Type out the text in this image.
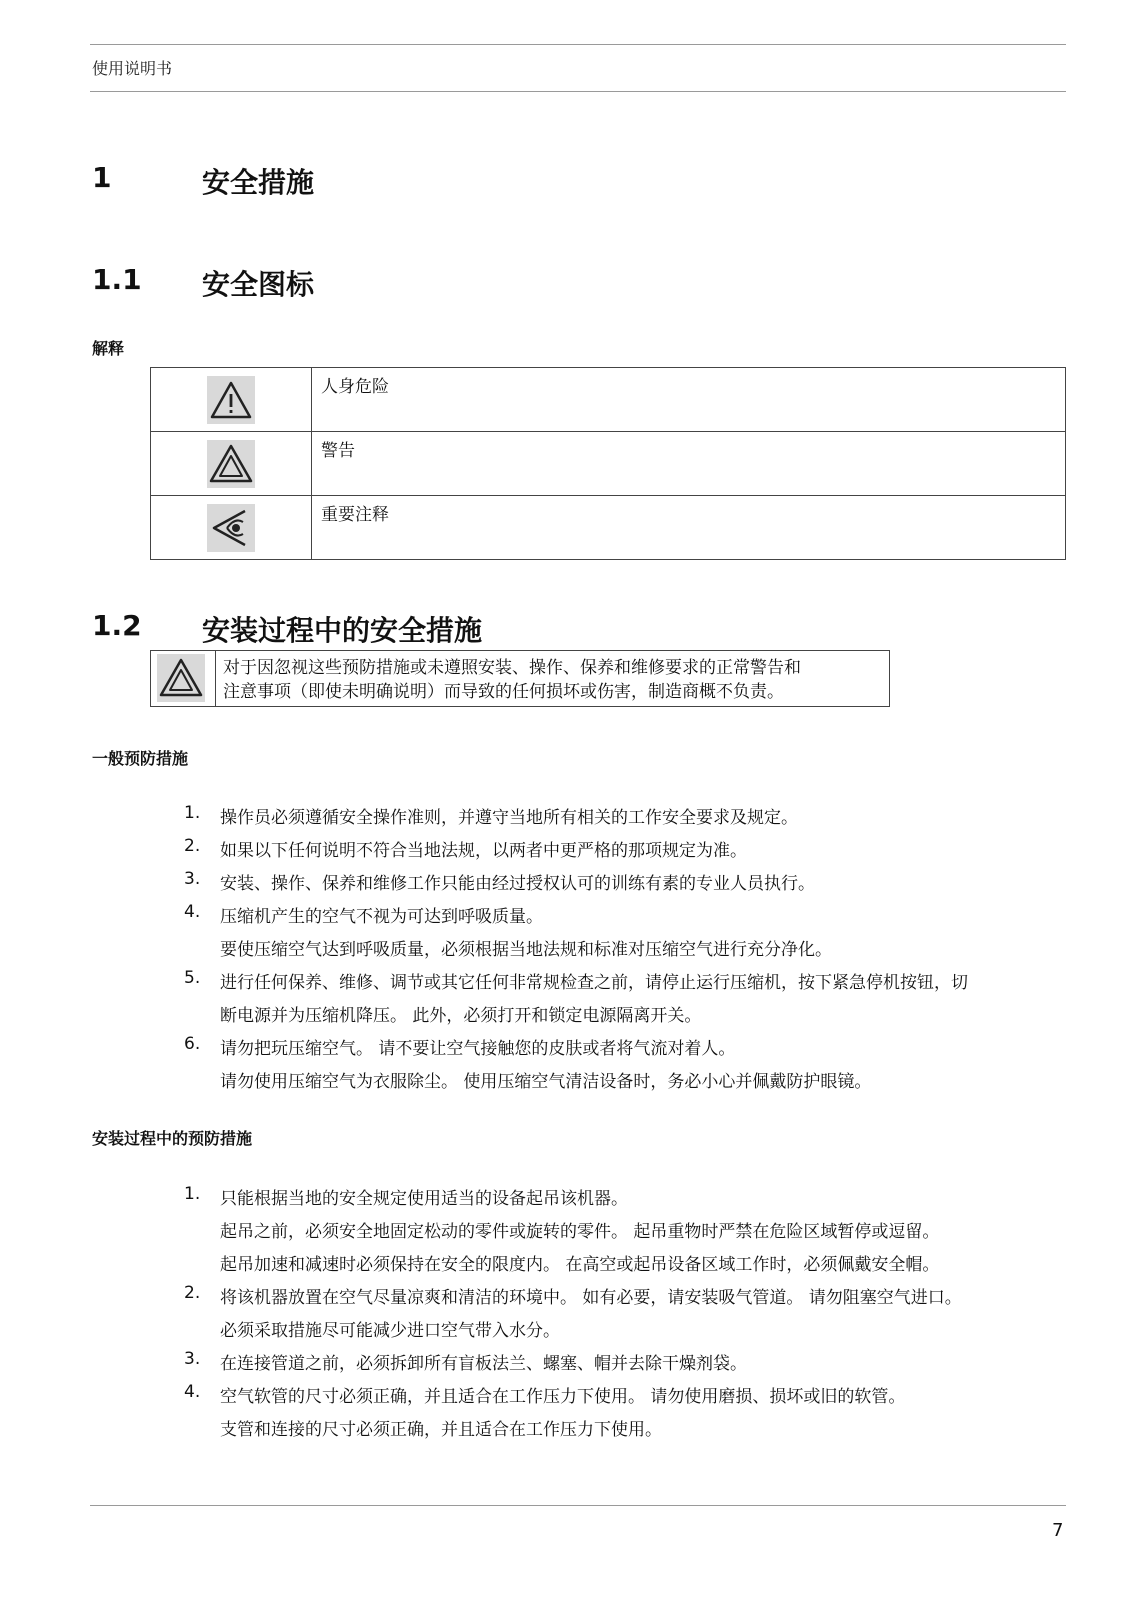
使用说明书
1	安全措施
1.1 安全图标
解释
	人身危险

	警告

	重要注释
1.2 安装过程中的安全措施
对于因忽视这些预防措施或未遵照安装、操作、保养和维修要求的正常警告和
注意事项（即使未明确说明）而导致的任何损坏或伤害，制造商概不负责。
一般预防措施
1.	操作员必须遵循安全操作准则，并遵守当地所有相关的工作安全要求及规定。
2.	如果以下任何说明不符合当地法规，以两者中更严格的那项规定为准。
3.	安装、操作、保养和维修工作只能由经过授权认可的训练有素的专业人员执行。
4.	压缩机产生的空气不视为可达到呼吸质量。
要使压缩空气达到呼吸质量，必须根据当地法规和标准对压缩空气进行充分净化。
5.	进行任何保养、维修、调节或其它任何非常规检查之前，请停止运行压缩机，按下紧急停机按钮，切
断电源并为压缩机降压。 此外，必须打开和锁定电源隔离开关。
6.	请勿把玩压缩空气。 请不要让空气接触您的皮肤或者将气流对着人。
请勿使用压缩空气为衣服除尘。 使用压缩空气清洁设备时，务必小心并佩戴防护眼镜。
安装过程中的预防措施
1.	只能根据当地的安全规定使用适当的设备起吊该机器。
起吊之前，必须安全地固定松动的零件或旋转的零件。 起吊重物时严禁在危险区域暂停或逗留。
起吊加速和减速时必须保持在安全的限度内。 在高空或起吊设备区域工作时，必须佩戴安全帽。
2.	将该机器放置在空气尽量凉爽和清洁的环境中。 如有必要，请安装吸气管道。 请勿阻塞空气进口。
必须采取措施尽可能减少进口空气带入水分。
3.	在连接管道之前，必须拆卸所有盲板法兰、螺塞、帽并去除干燥剂袋。
4.	空气软管的尺寸必须正确，并且适合在工作压力下使用。 请勿使用磨损、损坏或旧的软管。
支管和连接的尺寸必须正确，并且适合在工作压力下使用。
7
